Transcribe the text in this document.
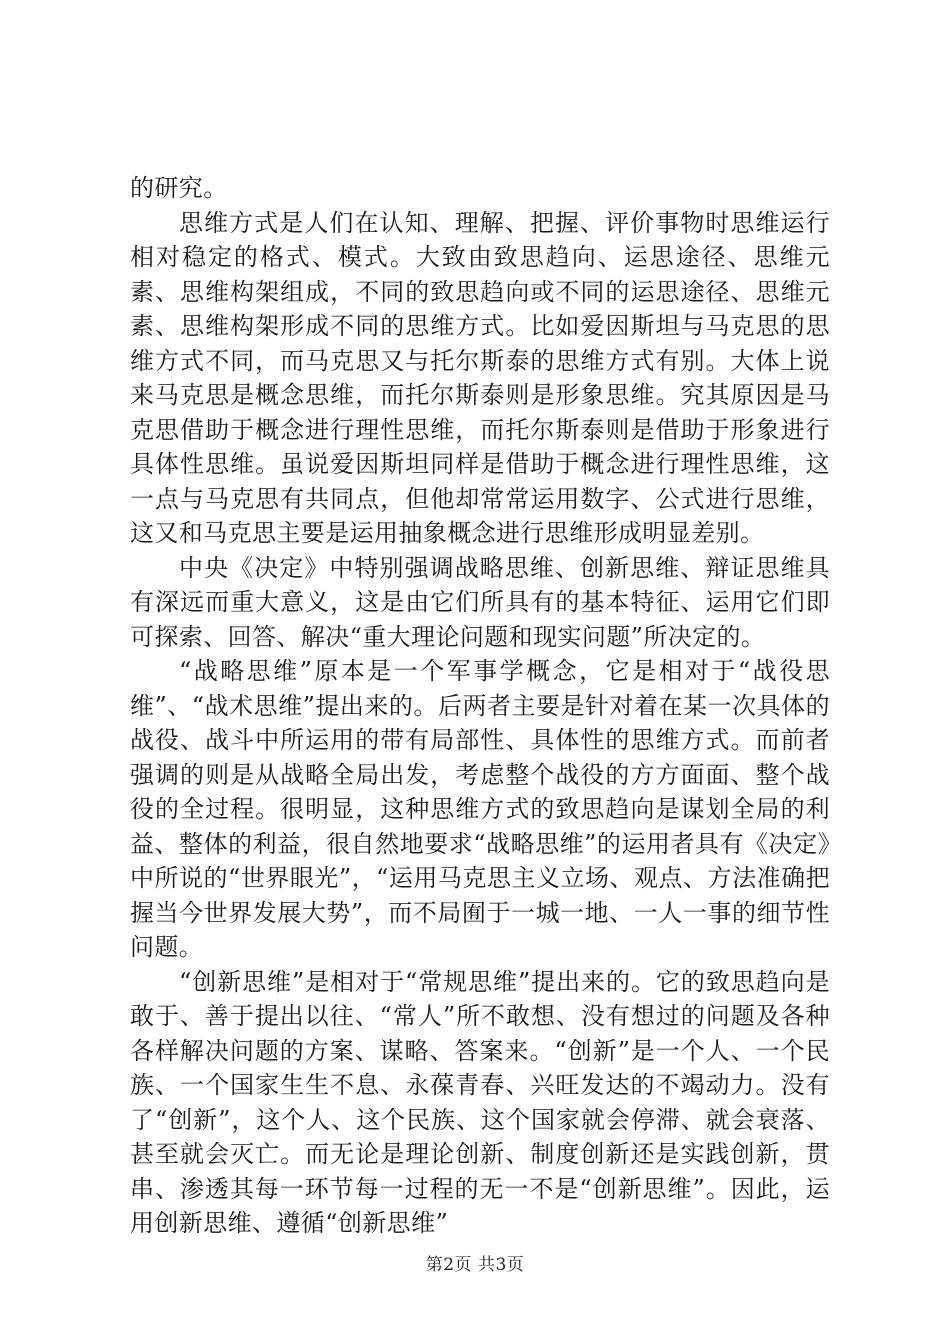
的研究。

思维方式是人们在认知、理解、把握、评价事物时思维运行相对稳定的格式、模式。大致由致思趋向、运思途径、思维元素、思维构架组成，不同的致思趋向或不同的运思途径、思维元素、思维构架形成不同的思维方式。比如爱因斯坦与马克思的思维方式不同，而马克思又与托尔斯泰的思维方式有别。大体上说来马克思是概念思维，而托尔斯泰则是形象思维。究其原因是马克思借助于概念进行理性思维，而托尔斯泰则是借助于形象进行具体性思维。虽说爱因斯坦同样是借助于概念进行理性思维，这一点与马克思有共同点，但他却常常运用数字、公式进行思维，这又和马克思主要是运用抽象概念进行思维形成明显差别。

中央《决定》中特别强调战略思维、创新思维、辩证思维具有深远而重大意义，这是由它们所具有的基本特征、运用它们即可探索、回答、解决“重大理论问题和现实问题”所决定的。

“战略思维”原本是一个军事学概念，它是相对于“战役思维”、“战术思维”提出来的。后两者主要是针对着在某一次具体的战役、战斗中所运用的带有局部性、具体性的思维方式。而前者强调的则是从战略全局出发，考虑整个战役的方方面面、整个战役的全过程。很明显，这种思维方式的致思趋向是谋划全局的利益、整体的利益，很自然地要求“战略思维”的运用者具有《决定》中所说的“世界眼光”，“运用马克思主义立场、观点、方法准确把握当今世界发展大势”，而不局囿于一城一地、一人一事的细节性问题。

“创新思维”是相对于“常规思维”提出来的。它的致思趋向是敢于、善于提出以往、“常人”所不敢想、没有想过的问题及各种各样解决问题的方案、谋略、答案来。“创新”是一个人、一个民族、一个国家生生不息、永葆青春、兴旺发达的不竭动力。没有了“创新”，这个人、这个民族、这个国家就会停滞、就会衰落、甚至就会灭亡。而无论是理论创新、制度创新还是实践创新，贯串、渗透其每一环节每一过程的无一不是“创新思维”。因此，运用创新思维、遵循“创新思维”

第2页 共3页
